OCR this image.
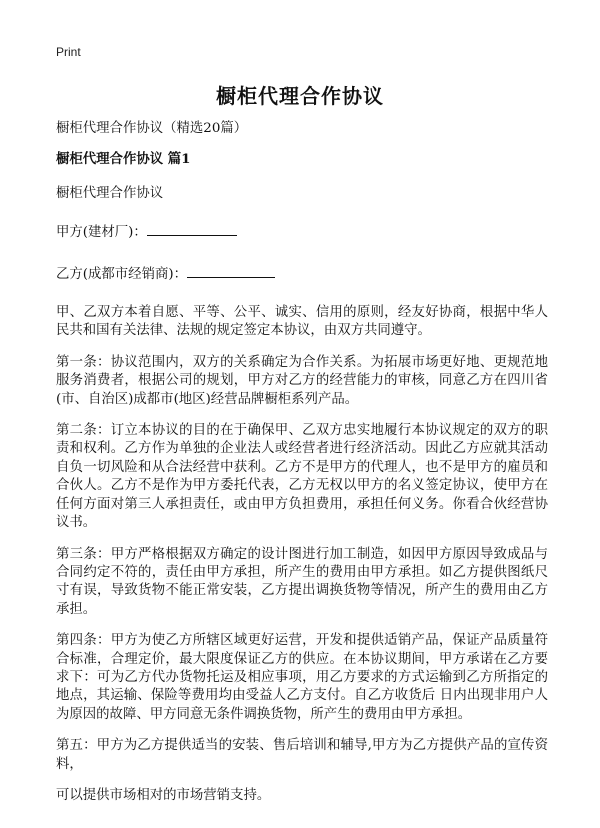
Print
橱柜代理合作协议
橱柜代理合作协议（精选20篇）
橱柜代理合作协议 篇1
橱柜代理合作协议
甲方(建材厂)：
乙方(成都市经销商)：

甲、乙双方本着自愿、平等、公平、诚实、信用的原则，经友好协商，根据中华人民共和国有关法律、法规的规定签定本协议，由双方共同遵守。

第一条：协议范围内，双方的关系确定为合作关系。为拓展市场更好地、更规范地服务消费者，根据公司的规划，甲方对乙方的经营能力的审核，同意乙方在四川省(市、自治区)成都市(地区)经营品牌橱柜系列产品。

第二条：订立本协议的目的在于确保甲、乙双方忠实地履行本协议规定的双方的职责和权利。乙方作为单独的企业法人或经营者进行经济活动。因此乙方应就其活动自负一切风险和从合法经营中获利。乙方不是甲方的代理人，也不是甲方的雇员和合伙人。乙方不是作为甲方委托代表，乙方无权以甲方的名义签定协议，使甲方在任何方面对第三人承担责任，或由甲方负担费用，承担任何义务。你看合伙经营协议书。

第三条：甲方严格根据双方确定的设计图进行加工制造，如因甲方原因导致成品与合同约定不符的，责任由甲方承担，所产生的费用由甲方承担。如乙方提供图纸尺寸有误，导致货物不能正常安装，乙方提出调换货物等情况，所产生的费用由乙方承担。

第四条：甲方为使乙方所辖区域更好运营，开发和提供适销产品，保证产品质量符合标准，合理定价，最大限度保证乙方的供应。在本协议期间，甲方承诺在乙方要求下：可为乙方代办货物托运及相应事项，用乙方要求的方式运输到乙方所指定的地点，其运输、保险等费用均由受益人乙方支付。自乙方收货后 日内出现非用户人为原因的故障、甲方同意无条件调换货物，所产生的费用由甲方承担。

第五：甲方为乙方提供适当的安装、售后培训和辅导,甲方为乙方提供产品的宣传资料，

可以提供市场相对的市场营销支持。
